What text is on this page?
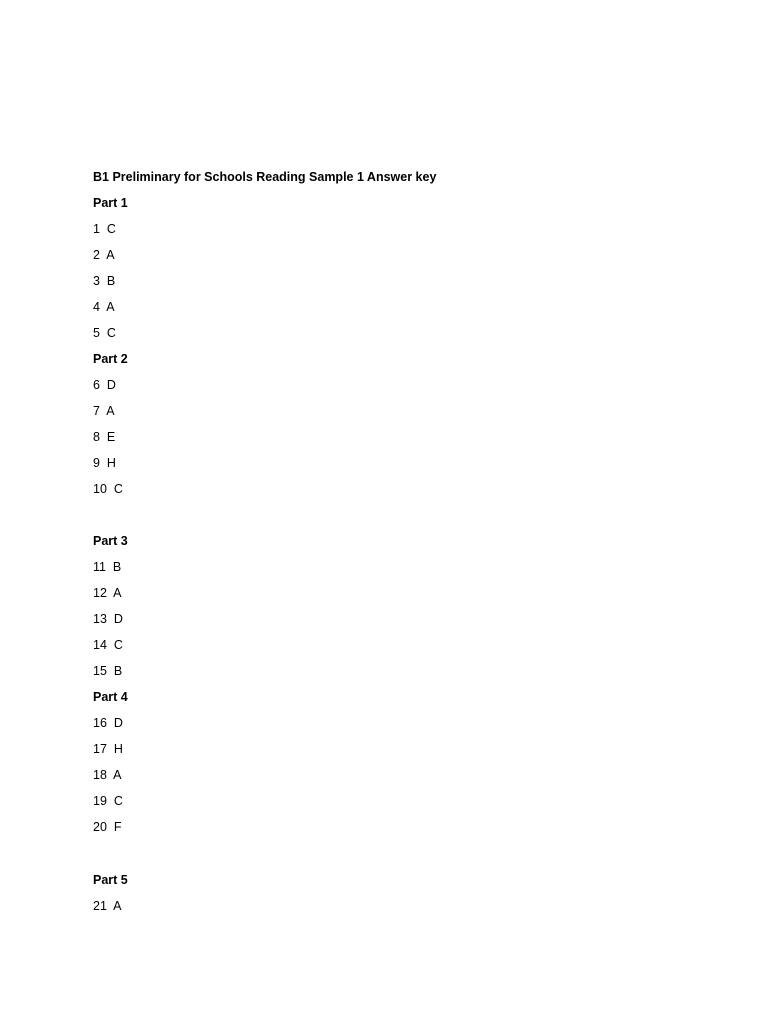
B1 Preliminary for Schools Reading Sample 1 Answer key
Part 1
1  C
2  A
3  B
4  A
5  C
Part 2
6  D
7  A
8  E
9  H
10  C
Part 3
11  B
12  A
13  D
14  C
15  B
Part 4
16  D
17  H
18  A
19  C
20  F
Part 5
21  A
